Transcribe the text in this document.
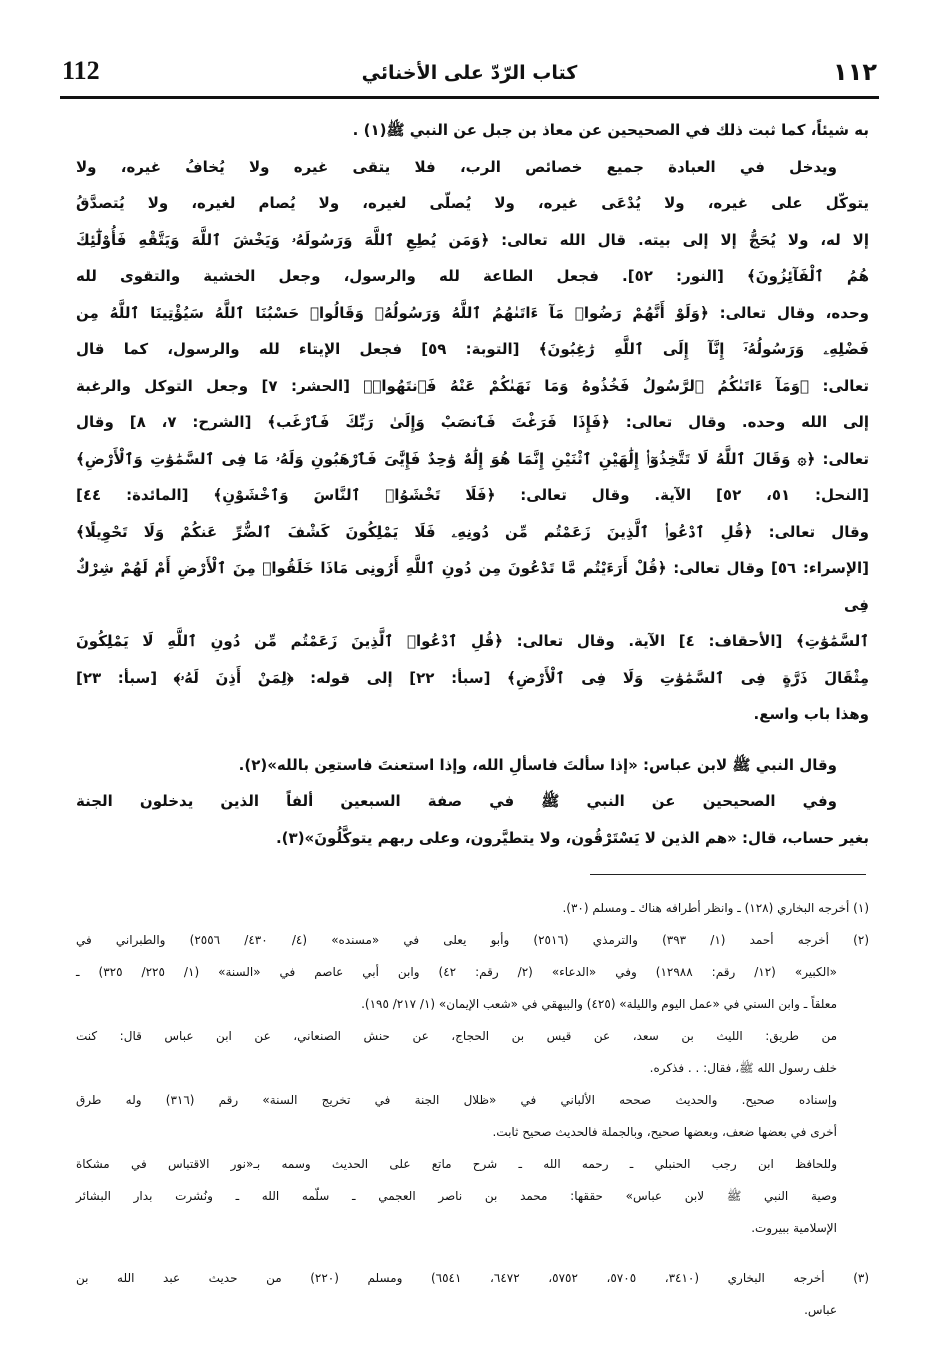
112	كتاب الرّدّ على الأخنائي	١١٢
به شيئاً، كما ثبت ذلك في الصحيحين عن معاذ بن جبل عن النبي ﷺ(١) .
ويدخل في العبادة جميع خصائص الرب، فلا يتقى غيره ولا يُخافُ غيره، ولا
يتوكّل على غيره، ولا يُدْعَى غيره، ولا يُصلّى لغيره، ولا يُصام لغيره، ولا يُتصدَّقُ
إلا له، ولا يُحَجُّ إلا إلى بيته. قال الله تعالى: ﴿وَمَن يُطِعِ ٱللَّهَ وَرَسُولَهُۥ وَيَخْشَ ٱللَّهَ وَيَتَّقْهِ فَأُوْلَٰٓئِكَ
هُمُ ٱلْفَآئِزُونَ﴾ [النور: ٥٢]. فجعل الطاعة لله والرسول، وجعل الخشية والتقوى لله
وحده، وقال تعالى: ﴿وَلَوْ أَنَّهُمْ رَضُوا۟ مَآ ءَاتَىٰهُمُ ٱللَّهُ وَرَسُولُهُۥ وَقَالُوا۟ حَسْبُنَا ٱللَّهُ سَيُؤْتِينَا ٱللَّهُ مِن
فَضْلِهِۦ وَرَسُولُهُۥٓ إِنَّآ إِلَى ٱللَّهِ رَٰغِبُونَ﴾ [التوبة: ٥٩] فجعل الإيتاء لله والرسول، كما قال
تعالى: ﴿وَمَآ ءَاتَىٰكُمُ ٱلرَّسُولُ فَخُذُوهُ وَمَا نَهَىٰكُمْ عَنْهُ فَٱنتَهُوا۟﴾ [الحشر: ٧] وجعل التوكل والرغبة
إلى الله وحده. وقال تعالى: ﴿فَإِذَا فَرَغْتَ فَٱنصَبْ وَإِلَىٰ رَبِّكَ فَٱرْغَب﴾ [الشرح: ٧، ٨] وقال
تعالى: ﴿۞ وَقَالَ ٱللَّهُ لَا تَتَّخِذُوٓا۟ إِلَٰهَيْنِ ٱثْنَيْنِ إِنَّمَا هُوَ إِلَٰهٌ وَٰحِدٌ فَإِيَّٰىَ فَٱرْهَبُونِ وَلَهُۥ مَا فِى ٱلسَّمَٰوَٰتِ وَٱلْأَرْضِ﴾
[النحل: ٥١، ٥٢] الآية. وقال تعالى: ﴿فَلَا تَخْشَوُا۟ ٱلنَّاسَ وَٱخْشَوْنِ﴾ [المائدة: ٤٤]
وقال تعالى: ﴿قُلِ ٱدْعُوا۟ ٱلَّذِينَ زَعَمْتُم مِّن دُونِهِۦ فَلَا يَمْلِكُونَ كَشْفَ ٱلضُّرِّ عَنكُمْ وَلَا تَحْوِيلًا﴾
[الإسراء: ٥٦] وقال تعالى: ﴿قُلْ أَرَءَيْتُم مَّا تَدْعُونَ مِن دُونِ ٱللَّهِ أَرُونِى مَاذَا خَلَقُوا۟ مِنَ ٱلْأَرْضِ أَمْ لَهُمْ شِرْكٌ فِى
ٱلسَّمَٰوَٰتِ﴾ [الأحقاف: ٤] الآية. وقال تعالى: ﴿قُلِ ٱدْعُوا۟ ٱلَّذِينَ زَعَمْتُم مِّن دُونِ ٱللَّهِ لَا يَمْلِكُونَ
مِثْقَالَ ذَرَّةٍ فِى ٱلسَّمَٰوَٰتِ وَلَا فِى ٱلْأَرْضِ﴾ [سبأ: ٢٢] إلى قوله: ﴿لِمَنْ أَذِنَ لَهُۥ﴾ [سبأ: ٢٣]
وهذا باب واسع.
وقال النبي ﷺ لابن عباس: «إذا سألتَ فاسألِ الله، وإذا استعنتَ فاستعِن بالله»(٢).
وفي الصحيحين عن النبي ﷺ في صفة السبعين ألفاً الذين يدخلون الجنة
بغير حساب، قال: «هم الذين لا يَسْتَرْقُون، ولا يتطيَّرون، وعلى ربهم يتوكَّلُونَ»(٣).
(١) أخرجه البخاري (١٢٨) ـ وانظر أطرافه هناك ـ ومسلم (٣٠).
(٢) أخرجه أحمد (١/ ٣٩٣) والترمذي (٢٥١٦) وأبو يعلى في «مسنده» (٤/ ٤٣٠/ ٢٥٥٦) والطبراني في
«الكبير» (١٢/ رقم: ١٢٩٨٨) وفي «الدعاء» (٢/ رقم: ٤٢) وابن أبي عاصم في «السنة» (١/ ٢٢٥/ ٣٢٥) ـ
معلقاً ـ وابن السني في «عمل اليوم والليلة» (٤٢٥) والبيهقي في «شعب الإيمان» (١/ ٢١٧/ ١٩٥).
من طريق: الليث بن سعد، عن قيس بن الحجاج، عن حنش الصنعاني، عن ابن عباس قال: كنت
خلف رسول الله ﷺ، فقال: . . فذكره.
وإسناده صحيح. والحديث صححه الألباني في «ظلال الجنة في تخريج السنة» رقم (٣١٦) وله طرق
أخرى في بعضها ضعف، وبعضها صحيح، وبالجملة فالحديث صحيح ثابت.
وللحافظ ابن رجب الحنبلي ـ رحمه الله ـ شرح ماتع على الحديث وسمه بـ«نور الاقتباس في مشكاة
وصية النبي ﷺ لابن عباس» حققها: محمد بن ناصر العجمي ـ سلّمه الله ـ ونُشرت بدار البشائر
الإسلامية ببيروت.
(٣) أخرجه البخاري (٣٤١٠، ٥٧٠٥، ٥٧٥٢، ٦٤٧٢، ٦٥٤١) ومسلم (٢٢٠) من حديث عبد الله بن
عباس.
